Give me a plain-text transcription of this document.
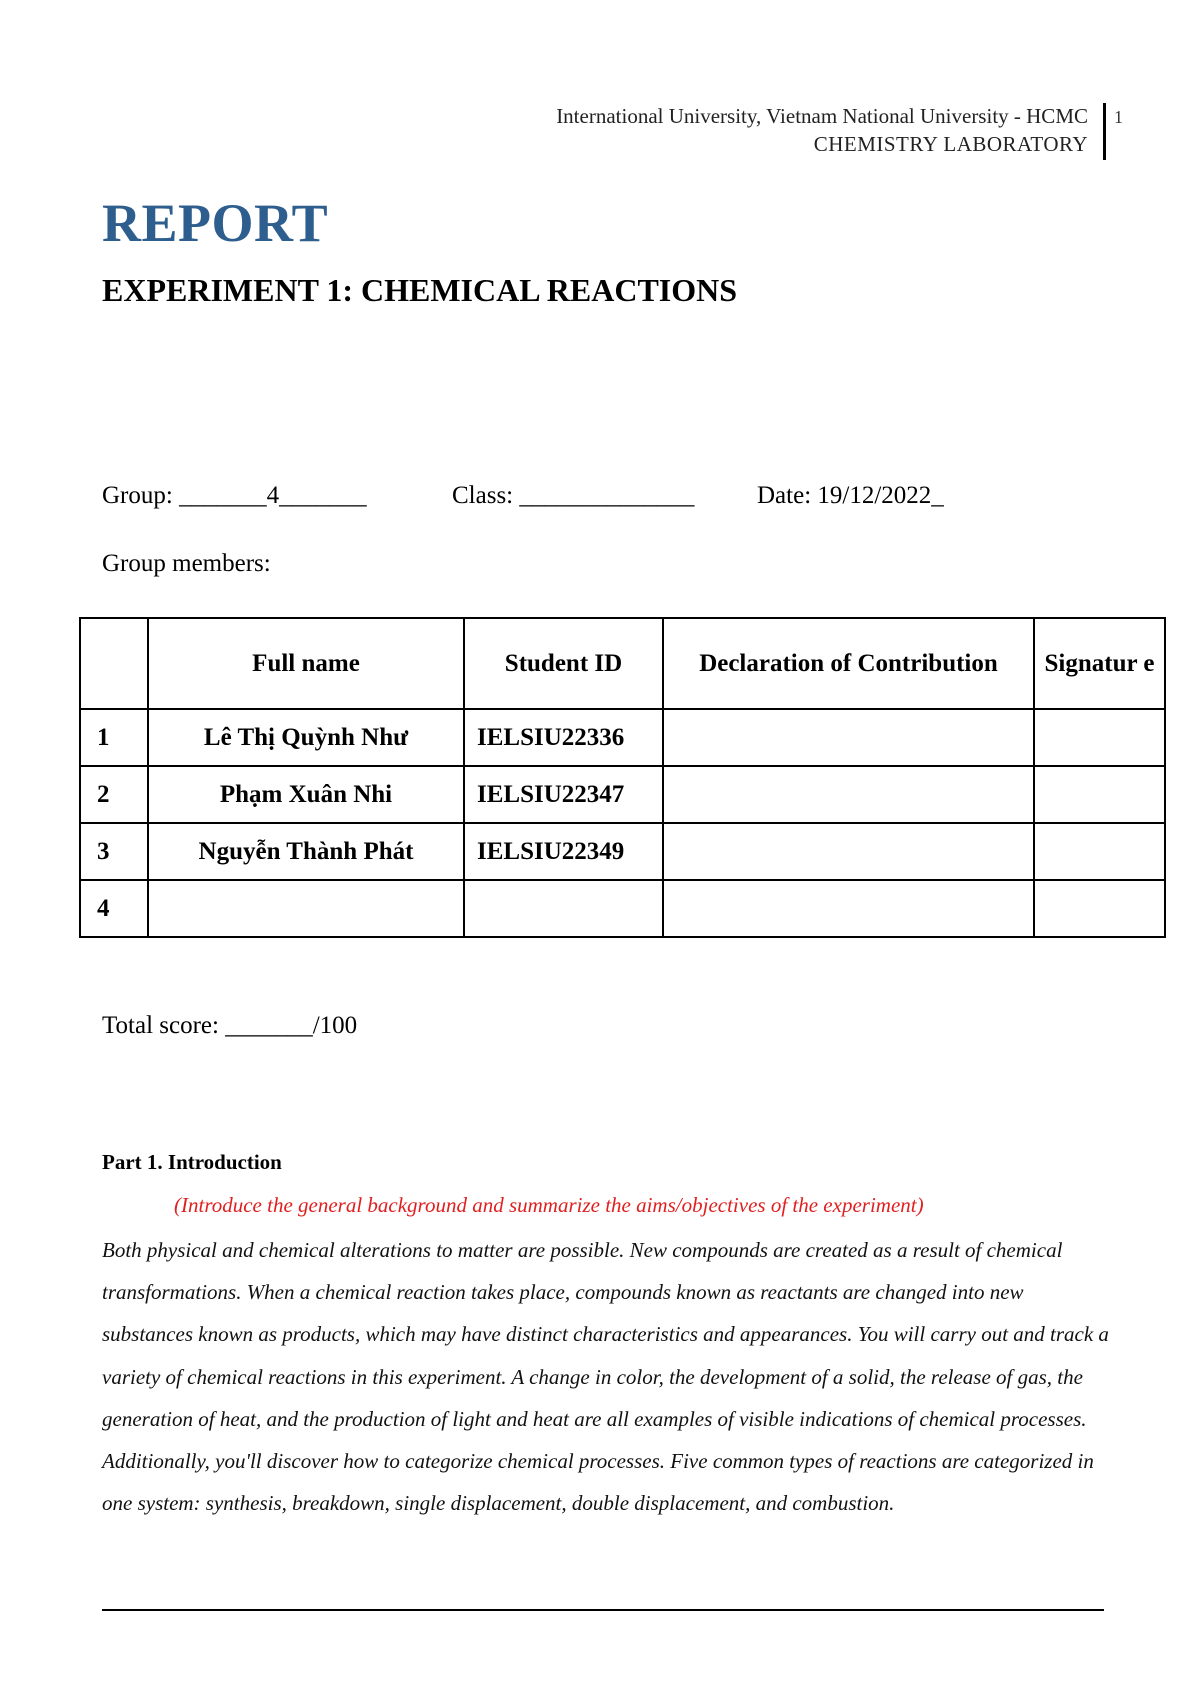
International University, Vietnam National University - HCMC
CHEMISTRY LABORATORY
1
REPORT
EXPERIMENT 1: CHEMICAL REACTIONS
Group: _______4_______	Class: ______________	Date: 19/12/2022_
Group members:
	Full name	Student ID	Declaration of Contribution	Signatur e
1	Lê Thị Quỳnh Như	IELSIU22336		
2	Phạm Xuân Nhi	IELSIU22347		
3	Nguyễn Thành Phát	IELSIU22349		
4				
Total score: _______/100
Part 1. Introduction
(Introduce the general background and summarize the aims/objectives of the experiment)

Both physical and chemical alterations to matter are possible. New compounds are created as a result of chemical transformations. When a chemical reaction takes place, compounds known as reactants are changed into new substances known as products, which may have distinct characteristics and appearances. You will carry out and track a variety of chemical reactions in this experiment. A change in color, the development of a solid, the release of gas, the generation of heat, and the production of light and heat are all examples of visible indications of chemical processes. Additionally, you'll discover how to categorize chemical processes. Five common types of reactions are categorized in one system: synthesis, breakdown, single displacement, double displacement, and combustion.
